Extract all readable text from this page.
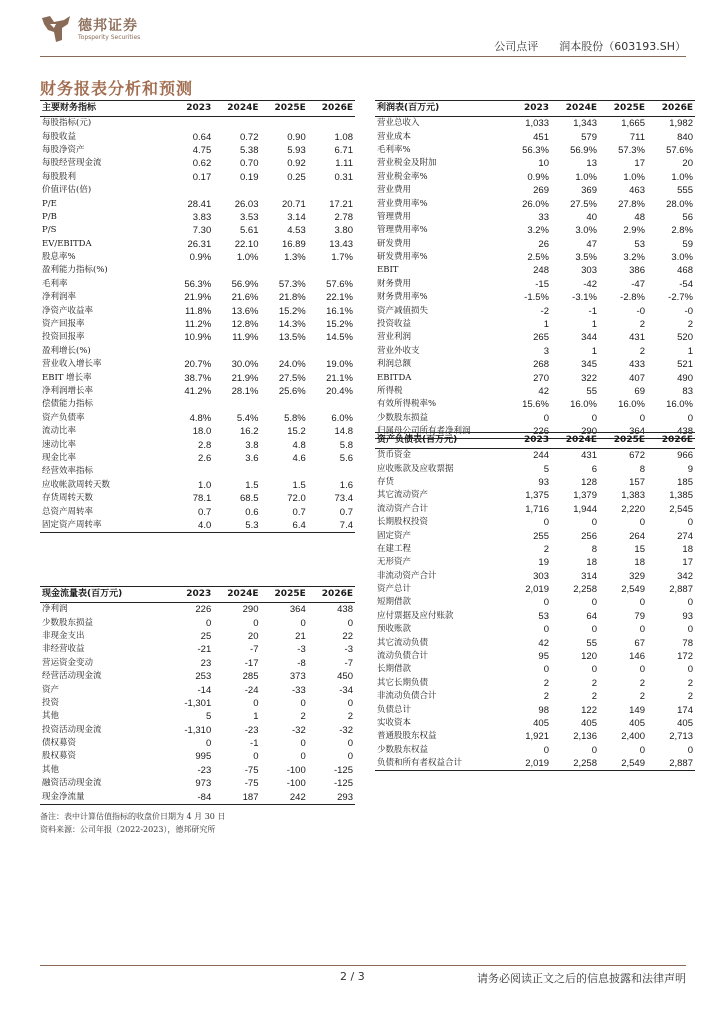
德邦证券
Topsperity Securities
公司点评 润本股份（603193.SH）
财务报表分析和预测
主要财务指标	2023	2024E	2025E	2026E
每股指标(元)				
每股收益	0.64	0.72	0.90	1.08
每股净资产	4.75	5.38	5.93	6.71
每股经营现金流	0.62	0.70	0.92	1.11
每股股利	0.17	0.19	0.25	0.31
价值评估(倍)				
P/E	28.41	26.03	20.71	17.21
P/B	3.83	3.53	3.14	2.78
P/S	7.30	5.61	4.53	3.80
EV/EBITDA	26.31	22.10	16.89	13.43
股息率%	0.9%	1.0%	1.3%	1.7%
盈利能力指标(%)				
毛利率	56.3%	56.9%	57.3%	57.6%
净利润率	21.9%	21.6%	21.8%	22.1%
净资产收益率	11.8%	13.6%	15.2%	16.1%
资产回报率	11.2%	12.8%	14.3%	15.2%
投资回报率	10.9%	11.9%	13.5%	14.5%
盈利增长(%)				
营业收入增长率	20.7%	30.0%	24.0%	19.0%
EBIT 增长率	38.7%	21.9%	27.5%	21.1%
净利润增长率	41.2%	28.1%	25.6%	20.4%
偿债能力指标				
资产负债率	4.8%	5.4%	5.8%	6.0%
流动比率	18.0	16.2	15.2	14.8
速动比率	2.8	3.8	4.8	5.8
现金比率	2.6	3.6	4.6	5.6
经营效率指标				
应收帐款周转天数	1.0	1.5	1.5	1.6
存货周转天数	78.1	68.5	72.0	73.4
总资产周转率	0.7	0.6	0.7	0.7
固定资产周转率	4.0	5.3	6.4	7.4
利润表(百万元)	2023	2024E	2025E	2026E
营业总收入	1,033	1,343	1,665	1,982
营业成本	451	579	711	840
毛利率%	56.3%	56.9%	57.3%	57.6%
营业税金及附加	10	13	17	20
营业税金率%	0.9%	1.0%	1.0%	1.0%
营业费用	269	369	463	555
营业费用率%	26.0%	27.5%	27.8%	28.0%
管理费用	33	40	48	56
管理费用率%	3.2%	3.0%	2.9%	2.8%
研发费用	26	47	53	59
研发费用率%	2.5%	3.5%	3.2%	3.0%
EBIT	248	303	386	468
财务费用	-15	-42	-47	-54
财务费用率%	-1.5%	-3.1%	-2.8%	-2.7%
资产减值损失	-2	-1	-0	-0
投资收益	1	1	2	2
营业利润	265	344	431	520
营业外收支	3	1	2	1
利润总额	268	345	433	521
EBITDA	270	322	407	490
所得税	42	55	69	83
有效所得税率%	15.6%	16.0%	16.0%	16.0%
少数股东损益	0	0	0	0
归属母公司所有者净利润	226	290	364	438
资产负债表(百万元)	2023	2024E	2025E	2026E
货币资金	244	431	672	966
应收账款及应收票据	5	6	8	9
存货	93	128	157	185
其它流动资产	1,375	1,379	1,383	1,385
流动资产合计	1,716	1,944	2,220	2,545
长期股权投资	0	0	0	0
固定资产	255	256	264	274
在建工程	2	8	15	18
无形资产	19	18	18	17
非流动资产合计	303	314	329	342
资产总计	2,019	2,258	2,549	2,887
短期借款	0	0	0	0
应付票据及应付账款	53	64	79	93
预收账款	0	0	0	0
其它流动负债	42	55	67	78
流动负债合计	95	120	146	172
长期借款	0	0	0	0
其它长期负债	2	2	2	2
非流动负债合计	2	2	2	2
负债总计	98	122	149	174
实收资本	405	405	405	405
普通股股东权益	1,921	2,136	2,400	2,713
少数股东权益	0	0	0	0
负债和所有者权益合计	2,019	2,258	2,549	2,887
现金流量表(百万元)	2023	2024E	2025E	2026E
净利润	226	290	364	438
少数股东损益	0	0	0	0
非现金支出	25	20	21	22
非经营收益	-21	-7	-3	-3
营运资金变动	23	-17	-8	-7
经营活动现金流	253	285	373	450
资产	-14	-24	-33	-34
投资	-1,301	0	0	0
其他	5	1	2	2
投资活动现金流	-1,310	-23	-32	-32
债权募资	0	-1	0	0
股权募资	995	0	0	0
其他	-23	-75	-100	-125
融资活动现金流	973	-75	-100	-125
现金净流量	-84	187	242	293
备注：表中计算估值指标的收盘价日期为 4 月 30 日
资料来源：公司年报（2022-2023），德邦研究所
2 / 3	请务必阅读正文之后的信息披露和法律声明
